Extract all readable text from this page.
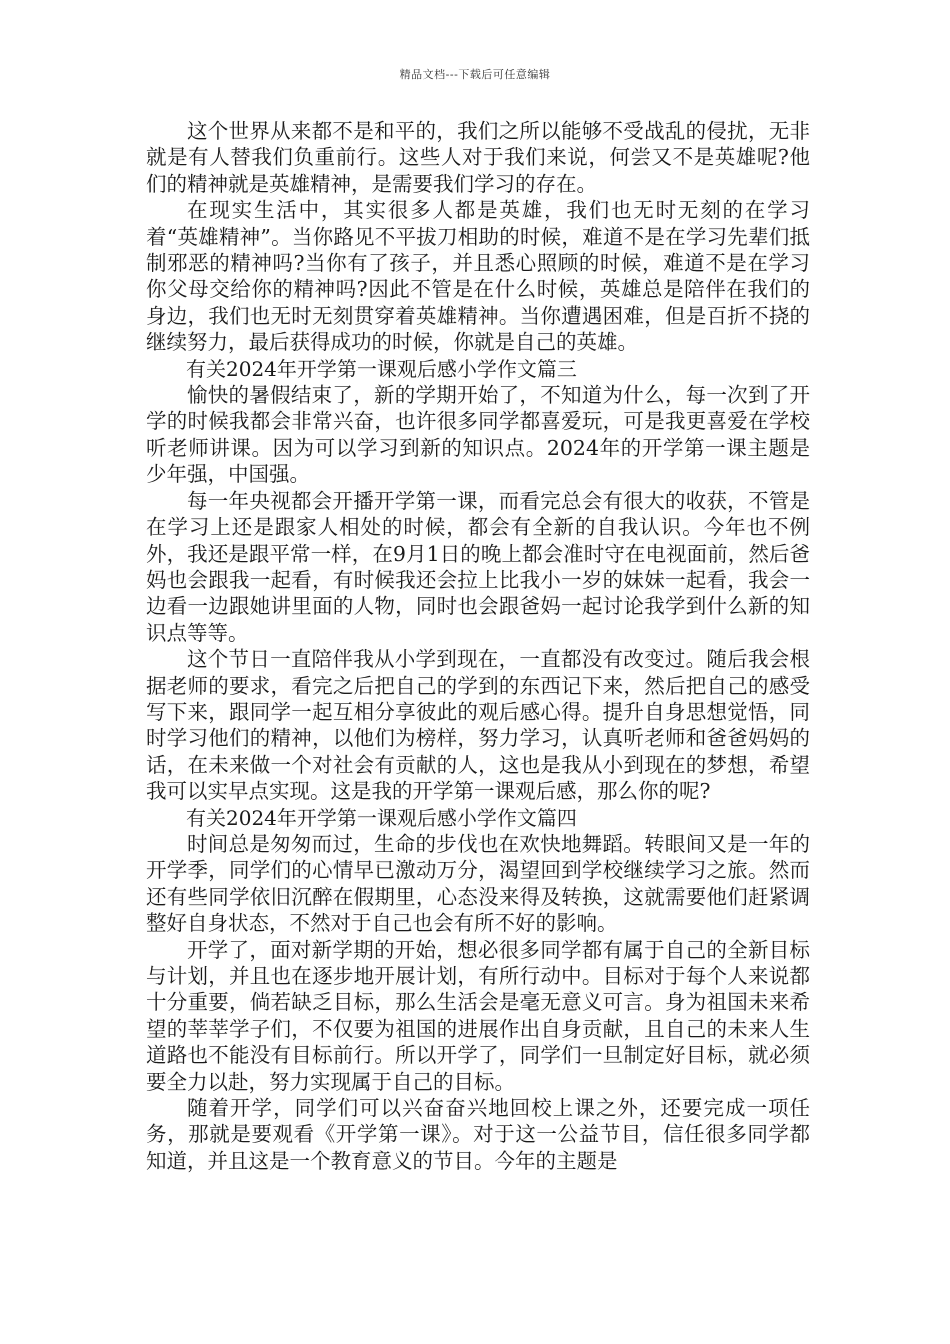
精品文档---下载后可任意编辑

这个世界从来都不是和平的，我们之所以能够不受战乱的侵扰，无非就是有人替我们负重前行。这些人对于我们来说，何尝又不是英雄呢?他们的精神就是英雄精神，是需要我们学习的存在。

在现实生活中，其实很多人都是英雄，我们也无时无刻的在学习着“英雄精神”。当你路见不平拔刀相助的时候，难道不是在学习先辈们抵制邪恶的精神吗?当你有了孩子，并且悉心照顾的时候，难道不是在学习你父母交给你的精神吗?因此不管是在什么时候，英雄总是陪伴在我们的身边，我们也无时无刻贯穿着英雄精神。当你遭遇困难，但是百折不挠的继续努力，最后获得成功的时候，你就是自己的英雄。

有关2024年开学第一课观后感小学作文篇三

愉快的暑假结束了，新的学期开始了，不知道为什么，每一次到了开学的时候我都会非常兴奋，也许很多同学都喜爱玩，可是我更喜爱在学校听老师讲课。因为可以学习到新的知识点。2024年的开学第一课主题是少年强，中国强。

每一年央视都会开播开学第一课，而看完总会有很大的收获，不管是在学习上还是跟家人相处的时候，都会有全新的自我认识。今年也不例外，我还是跟平常一样，在9月1日的晚上都会准时守在电视面前，然后爸妈也会跟我一起看，有时候我还会拉上比我小一岁的妹妹一起看，我会一边看一边跟她讲里面的人物，同时也会跟爸妈一起讨论我学到什么新的知识点等等。

这个节日一直陪伴我从小学到现在，一直都没有改变过。随后我会根据老师的要求，看完之后把自己的学到的东西记下来，然后把自己的感受写下来，跟同学一起互相分享彼此的观后感心得。提升自身思想觉悟，同时学习他们的精神，以他们为榜样，努力学习，认真听老师和爸爸妈妈的话，在未来做一个对社会有贡献的人，这也是我从小到现在的梦想，希望我可以实早点实现。这是我的开学第一课观后感，那么你的呢?

有关2024年开学第一课观后感小学作文篇四

时间总是匆匆而过，生命的步伐也在欢快地舞蹈。转眼间又是一年的开学季，同学们的心情早已激动万分，渴望回到学校继续学习之旅。然而还有些同学依旧沉醉在假期里，心态没来得及转换，这就需要他们赶紧调整好自身状态，不然对于自己也会有所不好的影响。

开学了，面对新学期的开始，想必很多同学都有属于自己的全新目标与计划，并且也在逐步地开展计划，有所行动中。目标对于每个人来说都十分重要，倘若缺乏目标，那么生活会是毫无意义可言。身为祖国未来希望的莘莘学子们，不仅要为祖国的进展作出自身贡献，且自己的未来人生道路也不能没有目标前行。所以开学了，同学们一旦制定好目标，就必须要全力以赴，努力实现属于自己的目标。

随着开学，同学们可以兴奋奋兴地回校上课之外，还要完成一项任务，那就是要观看《开学第一课》。对于这一公益节目，信任很多同学都知道，并且这是一个教育意义的节目。今年的主题是
